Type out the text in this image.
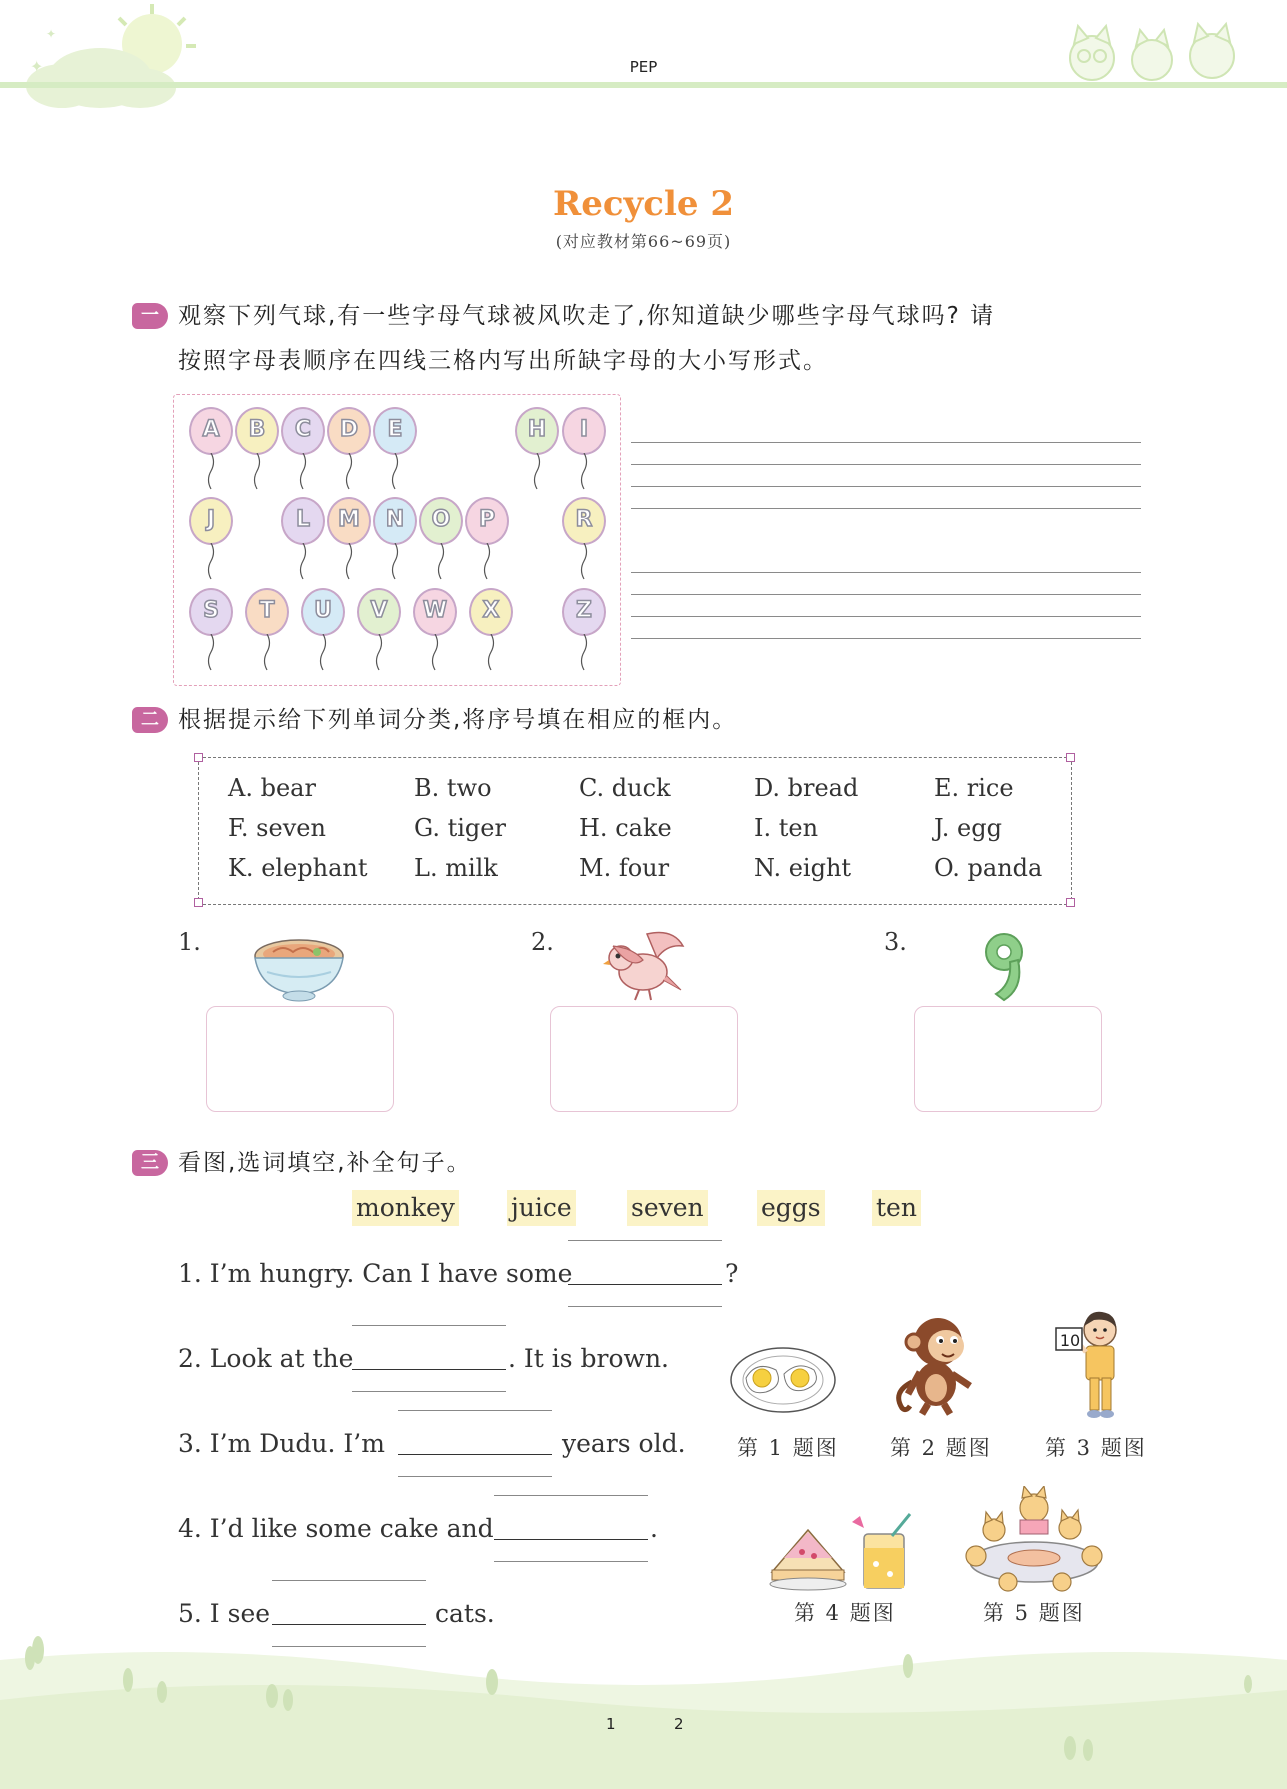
✦
✦
PEP
Recycle 2
(对应教材第66~69页)
一 观察下列气球,有一些字母气球被风吹走了,你知道缺少哪些字母气球吗? 请
按照字母表顺序在四线三格内写出所缺字母的大小写形式。
A	B	C	D	E	H	I
J	L	M	N	O	P	R
S	T	U	V	W	X	Z
二 根据提示给下列单词分类,将序号填在相应的框内。
A. bear	B. two	C. duck	D. bread	E. rice
F. seven	G. tiger	H. cake	I. ten	J. egg
K. elephant L. milk	M. four	N. eight	O. panda
1.	2.	3.
三 看图,选词填空,补全句子。
monkey juice seven eggs ten
1. I’m hungry. Can I have some	?
2. Look at the	. It is brown.
3. I’m Dudu. I’m	years old.
4. I’d like some cake and	.
5. I see	cats.
10
第 1 题图 第 2 题图	第 3 题图
第 4 题图	第 5 题图
1	2
